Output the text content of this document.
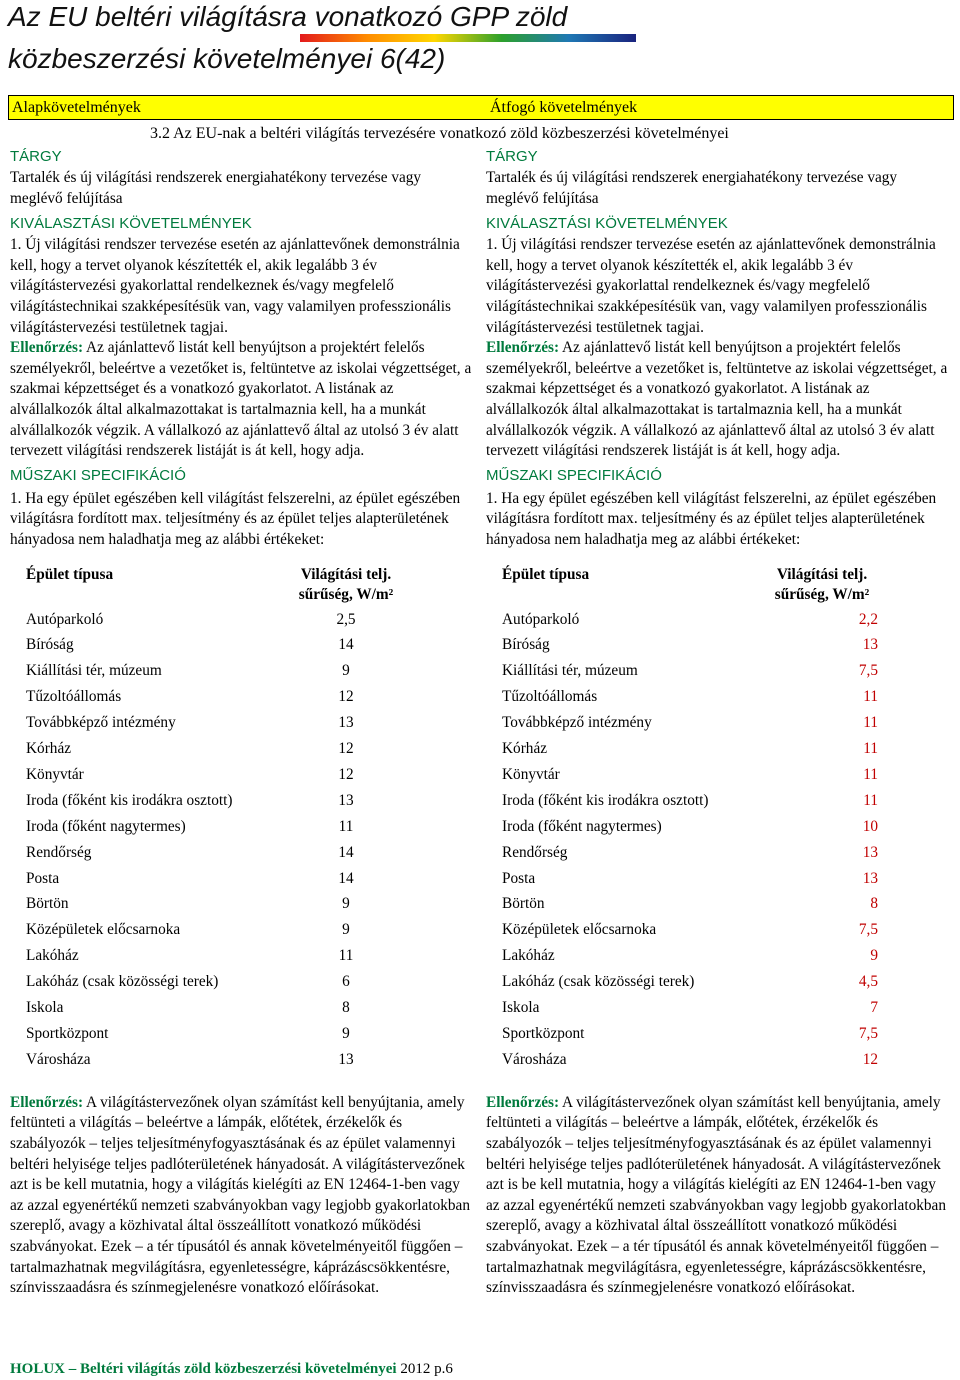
Az EU beltéri világításra vonatkozó GPP zöld
közbeszerzési követelményei 6(42)
Alapkövetelmények	Átfogó követelmények
3.2 Az EU-nak a beltéri világítás tervezésére vonatkozó zöld közbeszerzési követelményei
TÁRGY
Tartalék és új világítási rendszerek energiahatékony tervezése vagy meglévő felújítása
KIVÁLASZTÁSI KÖVETELMÉNYEK
1. Új világítási rendszer tervezése esetén az ajánlattevőnek demonstrálnia kell, hogy a tervet olyanok készítették el, akik legalább 3 év világítástervezési gyakorlattal rendelkeznek és/vagy megfelelő világítástechnikai szakképesítésük van, vagy valamilyen professzionális világítástervezési testületnek tagjai.
Ellenőrzés: Az ajánlattevő listát kell benyújtson a projektért felelős személyekről, beleértve a vezetőket is, feltüntetve az iskolai végzettséget, a szakmai képzettséget és a vonatkozó gyakorlatot. A listának az alvállalkozók által alkalmazottakat is tartalmaznia kell, ha a munkát alvállalkozók végzik. A vállalkozó az ajánlattevő által az utolsó 3 év alatt tervezett világítási rendszerek listáját is át kell, hogy adja.
MŰSZAKI SPECIFIKÁCIÓ
1. Ha egy épület egészében kell világítást felszerelni, az épület egészében világításra fordított max. teljesítmény és az épület teljes alapterületének hányadosa nem haladhatja meg az alábbi értékeket:
Épület típusa	Világítási telj. sűrűség, W/m²
Autóparkoló	2,5
Bíróság	14
Kiállítási tér, múzeum	9
Tűzoltóállomás	12
Továbbképző intézmény	13
Kórház	12
Könyvtár	12
Iroda (főként kis irodákra osztott)	13
Iroda (főként nagytermes)	11
Rendőrség	14
Posta	14
Börtön	9
Középületek előcsarnoka	9
Lakóház	11
Lakóház (csak közösségi terek)	6
Iskola	8
Sportközpont	9
Városháza	13
Ellenőrzés: A világítástervezőnek olyan számítást kell benyújtania, amely feltünteti a világítás – beleértve a lámpák, előtétek, érzékelők és szabályozók – teljes teljesítményfogyasztásának és az épület valamennyi beltéri helyisége teljes padlóterületének hányadosát. A világítástervezőnek azt is be kell mutatnia, hogy a világítás kielégíti az EN 12464-1-ben vagy az azzal egyenértékű nemzeti szabványokban vagy legjobb gyakorlatokban szereplő, avagy a közhivatal által összeállított vonatkozó működési szabványokat. Ezek – a tér típusától és annak követelményeitől függően – tartalmazhatnak megvilágításra, egyenletességre, káprázáscsökkentésre, színvisszaadásra és színmegjelenésre vonatkozó előírásokat.
TÁRGY
Tartalék és új világítási rendszerek energiahatékony tervezése vagy meglévő felújítása
KIVÁLASZTÁSI KÖVETELMÉNYEK
1. Új világítási rendszer tervezése esetén az ajánlattevőnek demonstrálnia kell, hogy a tervet olyanok készítették el, akik legalább 3 év világítástervezési gyakorlattal rendelkeznek és/vagy megfelelő világítástechnikai szakképesítésük van, vagy valamilyen professzionális világítástervezési testületnek tagjai.
Ellenőrzés: Az ajánlattevő listát kell benyújtson a projektért felelős személyekről, beleértve a vezetőket is, feltüntetve az iskolai végzettséget, a szakmai képzettséget és a vonatkozó gyakorlatot. A listának az alvállalkozók által alkalmazottakat is tartalmaznia kell, ha a munkát alvállalkozók végzik. A vállalkozó az ajánlattevő által az utolsó 3 év alatt tervezett világítási rendszerek listáját is át kell, hogy adja.
MŰSZAKI SPECIFIKÁCIÓ
1. Ha egy épület egészében kell világítást felszerelni, az épület egészében világításra fordított max. teljesítmény és az épület teljes alapterületének hányadosa nem haladhatja meg az alábbi értékeket:
Épület típusa	Világítási telj. sűrűség, W/m²
Autóparkoló	2,2
Bíróság	13
Kiállítási tér, múzeum	7,5
Tűzoltóállomás	11
Továbbképző intézmény	11
Kórház	11
Könyvtár	11
Iroda (főként kis irodákra osztott)	11
Iroda (főként nagytermes)	10
Rendőrség	13
Posta	13
Börtön	8
Középületek előcsarnoka	7,5
Lakóház	9
Lakóház (csak közösségi terek)	4,5
Iskola	7
Sportközpont	7,5
Városháza	12
Ellenőrzés: A világítástervezőnek olyan számítást kell benyújtania, amely feltünteti a világítás – beleértve a lámpák, előtétek, érzékelők és szabályozók – teljes teljesítményfogyasztásának és az épület valamennyi beltéri helyisége teljes padlóterületének hányadosát. A világítástervezőnek azt is be kell mutatnia, hogy a világítás kielégíti az EN 12464-1-ben vagy az azzal egyenértékű nemzeti szabványokban vagy legjobb gyakorlatokban szereplő, avagy a közhivatal által összeállított vonatkozó működési szabványokat. Ezek – a tér típusától és annak követelményeitől függően – tartalmazhatnak megvilágításra, egyenletességre, káprázáscsökkentésre, színvisszaadásra és színmegjelenésre vonatkozó előírásokat.
HOLUX – Beltéri világítás zöld közbeszerzési követelményei 2012 p.6
